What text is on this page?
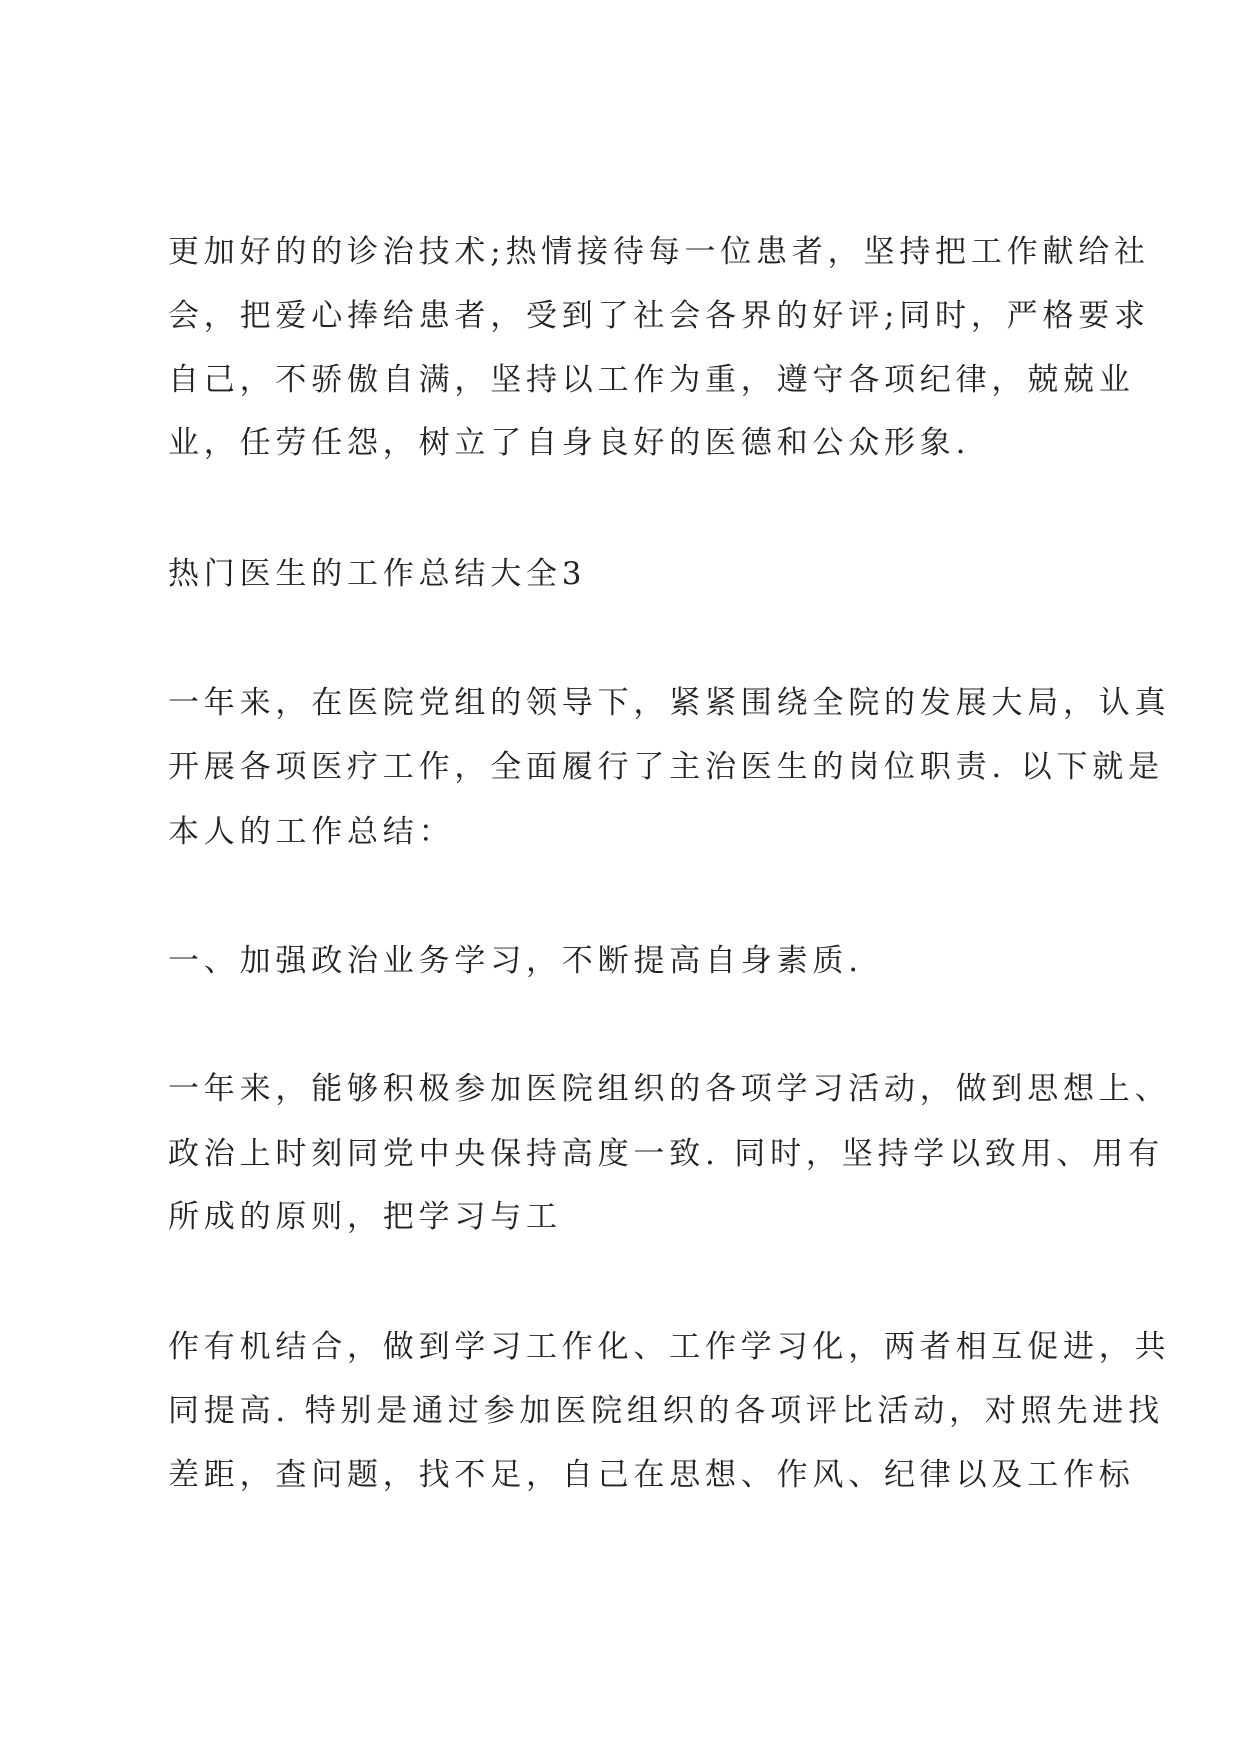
更加好的的诊治技术;热情接待每一位患者，坚持把工作献给社
会，把爱心捧给患者，受到了社会各界的好评;同时，严格要求
自己，不骄傲自满，坚持以工作为重，遵守各项纪律，兢兢业
业，任劳任怨，树立了自身良好的医德和公众形象.
热门医生的工作总结大全3
一年来，在医院党组的领导下，紧紧围绕全院的发展大局，认真
开展各项医疗工作，全面履行了主治医生的岗位职责. 以下就是
本人的工作总结：
一、加强政治业务学习，不断提高自身素质.
一年来，能够积极参加医院组织的各项学习活动，做到思想上、
政治上时刻同党中央保持高度一致. 同时，坚持学以致用、用有
所成的原则，把学习与工
作有机结合，做到学习工作化、工作学习化，两者相互促进，共
同提高. 特别是通过参加医院组织的各项评比活动，对照先进找
差距，查问题，找不足，自己在思想、作风、纪律以及工作标
